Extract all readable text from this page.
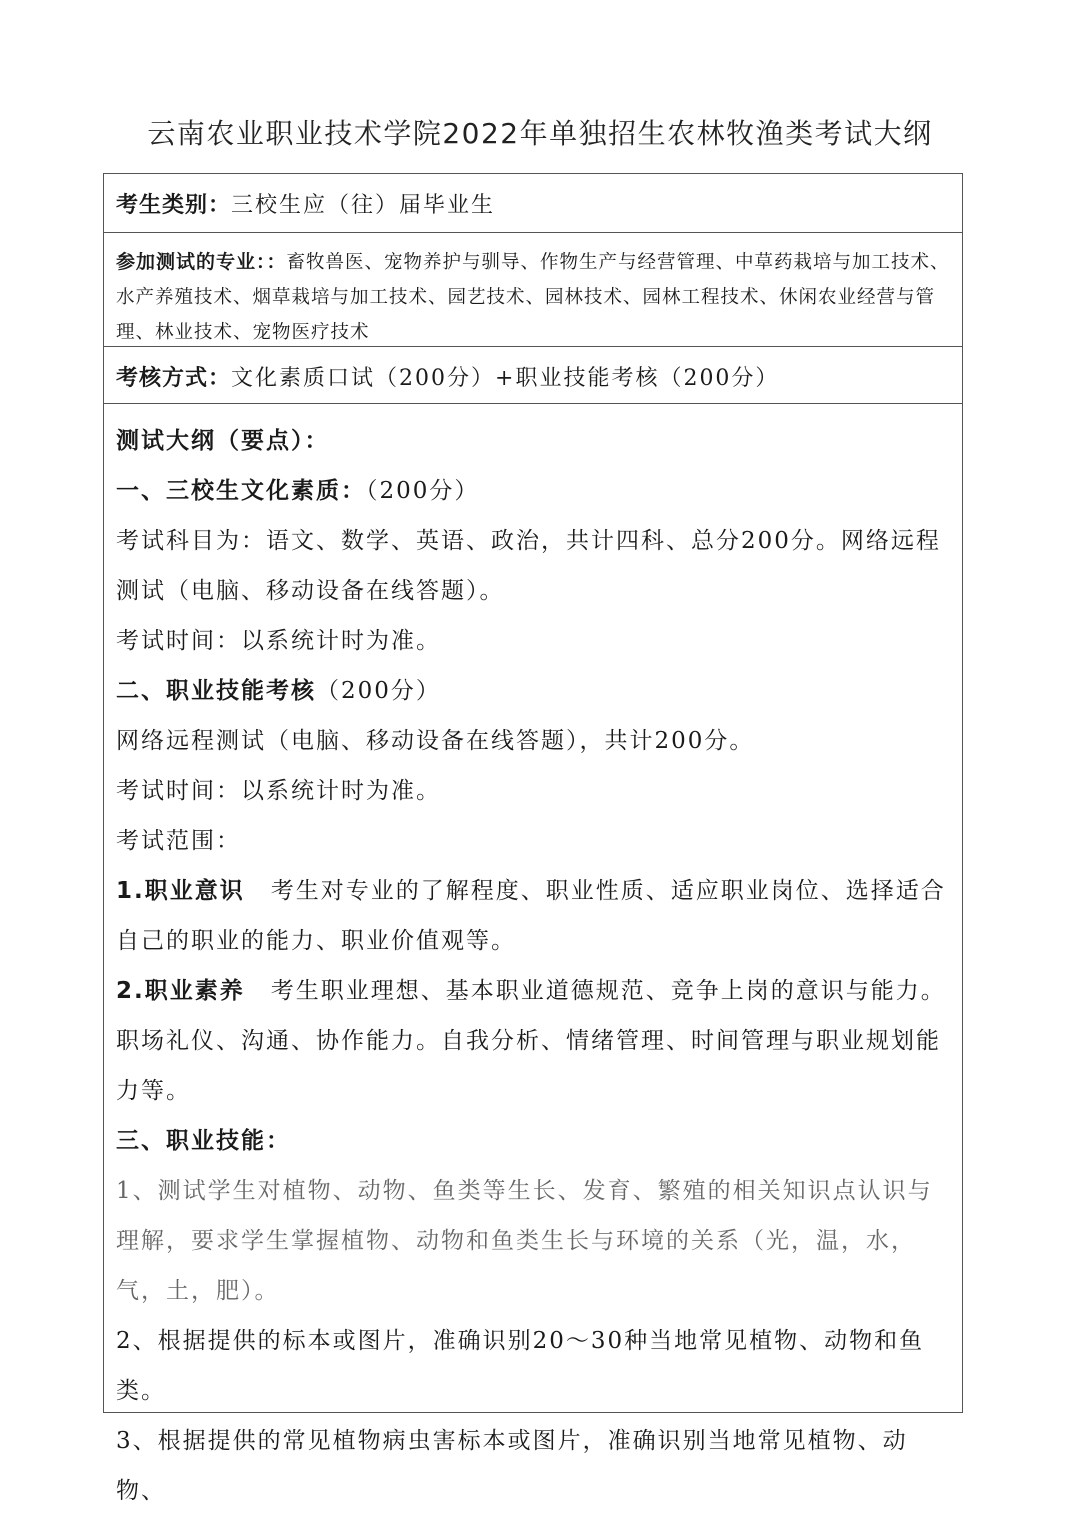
云南农业职业技术学院2022年单独招生农林牧渔类考试大纲
考生类别：三校生应（往）届毕业生
参加测试的专业：：畜牧兽医、宠物养护与驯导、作物生产与经营管理、中草药栽培与加工技术、水产养殖技术、烟草栽培与加工技术、园艺技术、园林技术、园林工程技术、休闲农业经营与管理、林业技术、宠物医疗技术
考核方式：文化素质口试（200分）+职业技能考核（200分）

测试大纲（要点）：

一、三校生文化素质：（200分）

考试科目为：语文、数学、英语、政治，共计四科、总分200分。网络远程测试（电脑、移动设备在线答题）。

考试时间：以系统计时为准。

二、职业技能考核（200分）

网络远程测试（电脑、移动设备在线答题），共计200分。

考试时间：以系统计时为准。

考试范围：

1.职业意识 考生对专业的了解程度、职业性质、适应职业岗位、选择适合自己的职业的能力、职业价值观等。

2.职业素养 考生职业理想、基本职业道德规范、竞争上岗的意识与能力。职场礼仪、沟通、协作能力。自我分析、情绪管理、时间管理与职业规划能力等。

三、职业技能：

1、测试学生对植物、动物、鱼类等生长、发育、繁殖的相关知识点认识与理解，要求学生掌握植物、动物和鱼类生长与环境的关系（光，温，水，气，土，肥）。

2、根据提供的标本或图片，准确识别20～30种当地常见植物、动物和鱼类。

3、根据提供的常见植物病虫害标本或图片，准确识别当地常见植物、动物、
